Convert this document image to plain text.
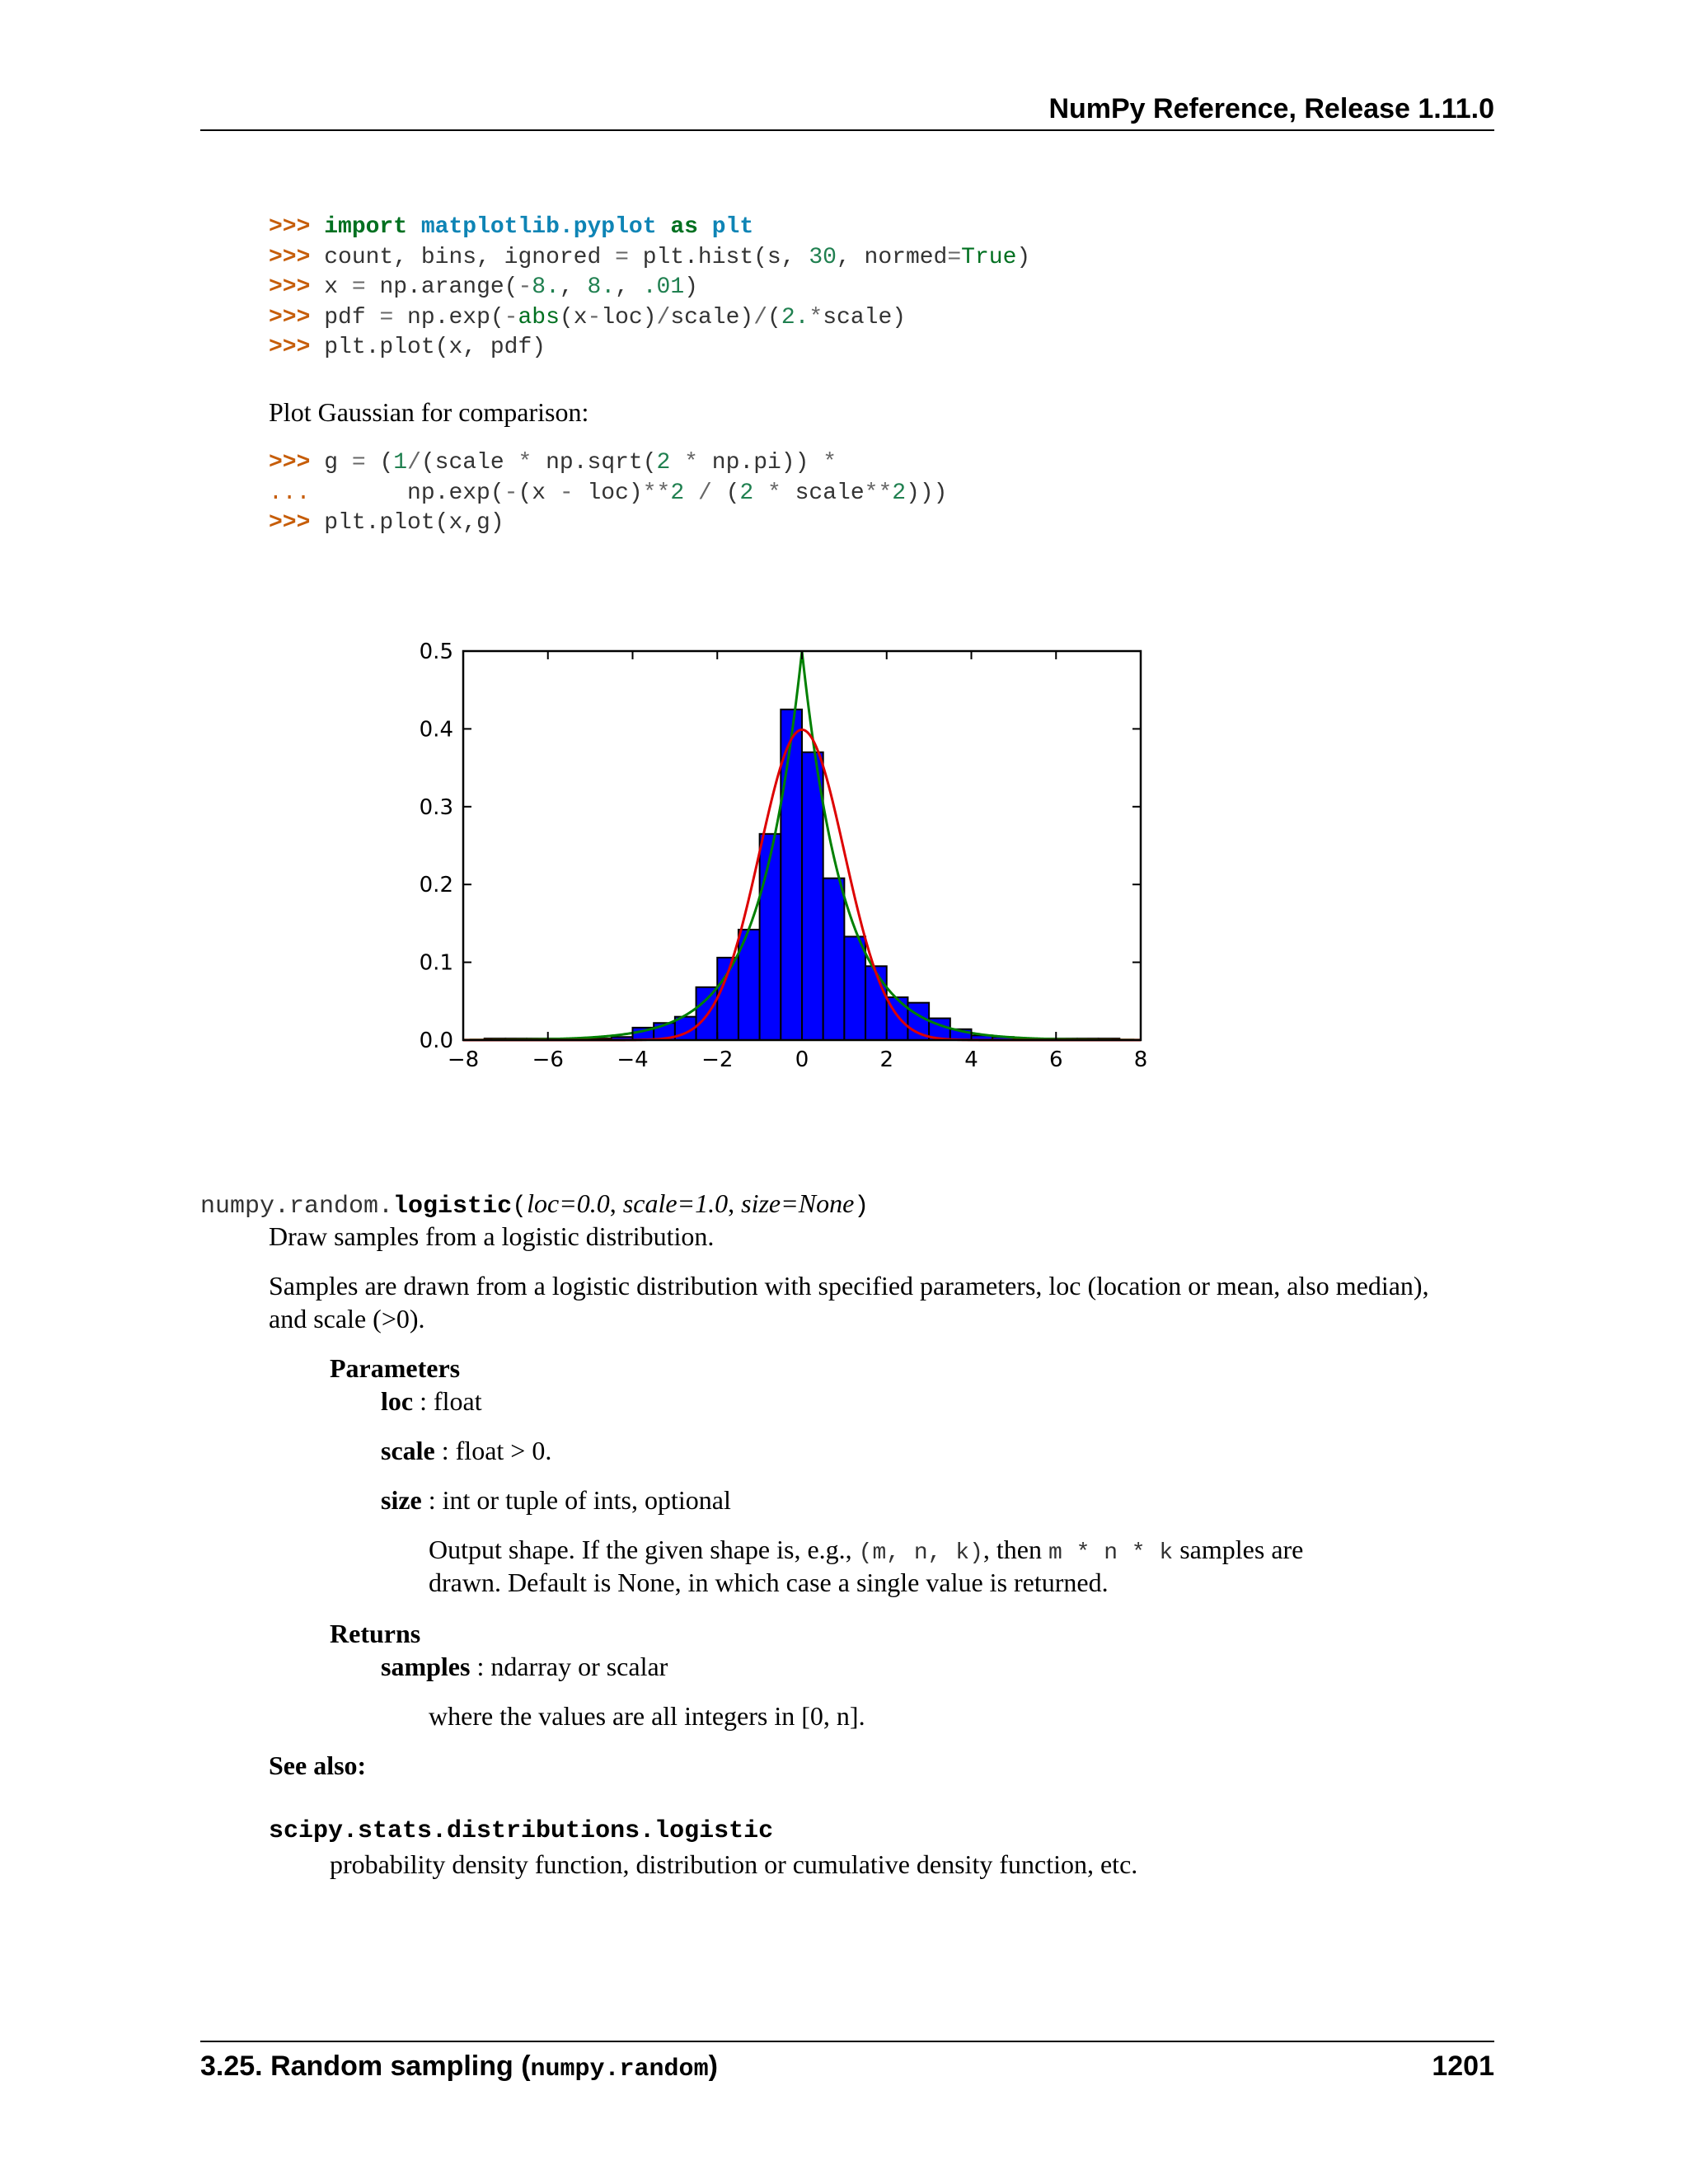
NumPy Reference, Release 1.11.0
>>> import matplotlib.pyplot as plt
>>> count, bins, ignored = plt.hist(s, 30, normed=True)
>>> x = np.arange(-8., 8., .01)
>>> pdf = np.exp(-abs(x-loc)/scale)/(2.*scale)
>>> plt.plot(x, pdf)
Plot Gaussian for comparison:
>>> g = (1/(scale * np.sqrt(2 * np.pi)) *
...       np.exp(-(x - loc)**2 / (2 * scale**2)))
>>> plt.plot(x,g)
−8 −6 −4 −2	0	2	4	6	8
0.0
0.1
0.2
0.3
0.4
0.5
numpy.random.logistic(loc=0.0, scale=1.0, size=None)
Draw samples from a logistic distribution.
Samples are drawn from a logistic distribution with specified parameters, loc (location or mean, also median),
and scale (>0).
Parameters
loc : float
scale : float > 0.
size : int or tuple of ints, optional
Output shape. If the given shape is, e.g., (m, n, k), then m * n * k samples are
drawn. Default is None, in which case a single value is returned.
Returns
samples : ndarray or scalar
where the values are all integers in [0, n].
See also:
scipy.stats.distributions.logistic
probability density function, distribution or cumulative density function, etc.
3.25. Random sampling (numpy.random)	1201
